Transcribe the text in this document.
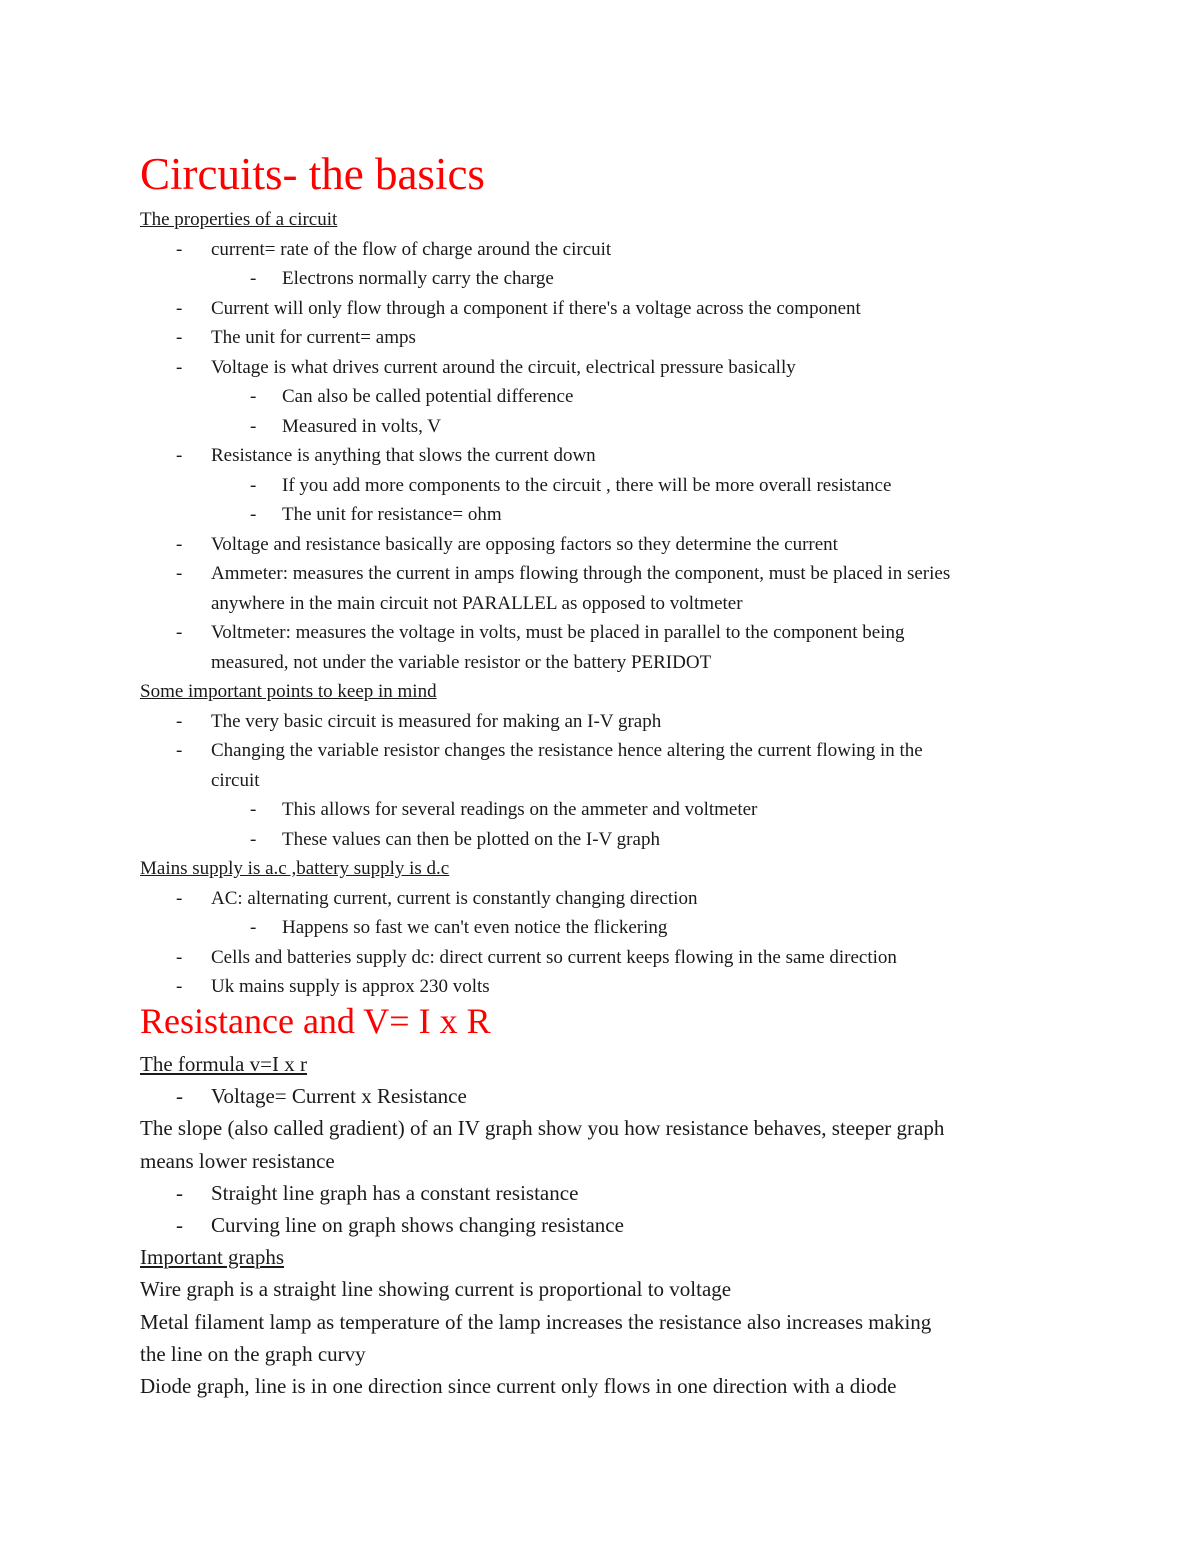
Circuits- the basics
The properties of a circuit
- current= rate of the flow of charge around the circuit
- Electrons normally carry the charge
- Current will only flow through a component if there's a voltage across the component
- The unit for current= amps
- Voltage is what drives current around the circuit, electrical pressure basically
- Can also be called potential difference
- Measured in volts, V
- Resistance is anything that slows the current down
- If you add more components to the circuit , there will be more overall resistance
- The unit for resistance= ohm
- Voltage and resistance basically are opposing factors so they determine the current
- Ammeter: measures the current in amps flowing through the component, must be placed in series
anywhere in the main circuit not PARALLEL as opposed to voltmeter
- Voltmeter: measures the voltage in volts, must be placed in parallel to the component being
measured, not under the variable resistor or the battery PERIDOT
Some important points to keep in mind
- The very basic circuit is measured for making an I-V graph
- Changing the variable resistor changes the resistance hence altering the current flowing in the
circuit
- This allows for several readings on the ammeter and voltmeter
- These values can then be plotted on the I-V graph
Mains supply is a.c ,battery supply is d.c
- AC: alternating current, current is constantly changing direction
- Happens so fast we can't even notice the flickering
- Cells and batteries supply dc: direct current so current keeps flowing in the same direction
- Uk mains supply is approx 230 volts
Resistance and V= I x R
The formula v=I x r
- Voltage= Current x Resistance
The slope (also called gradient) of an IV graph show you how resistance behaves, steeper graph
means lower resistance
- Straight line graph has a constant resistance
- Curving line on graph shows changing resistance
Important graphs
Wire graph is a straight line showing current is proportional to voltage
Metal filament lamp as temperature of the lamp increases the resistance also increases making
the line on the graph curvy
Diode graph, line is in one direction since current only flows in one direction with a diode
